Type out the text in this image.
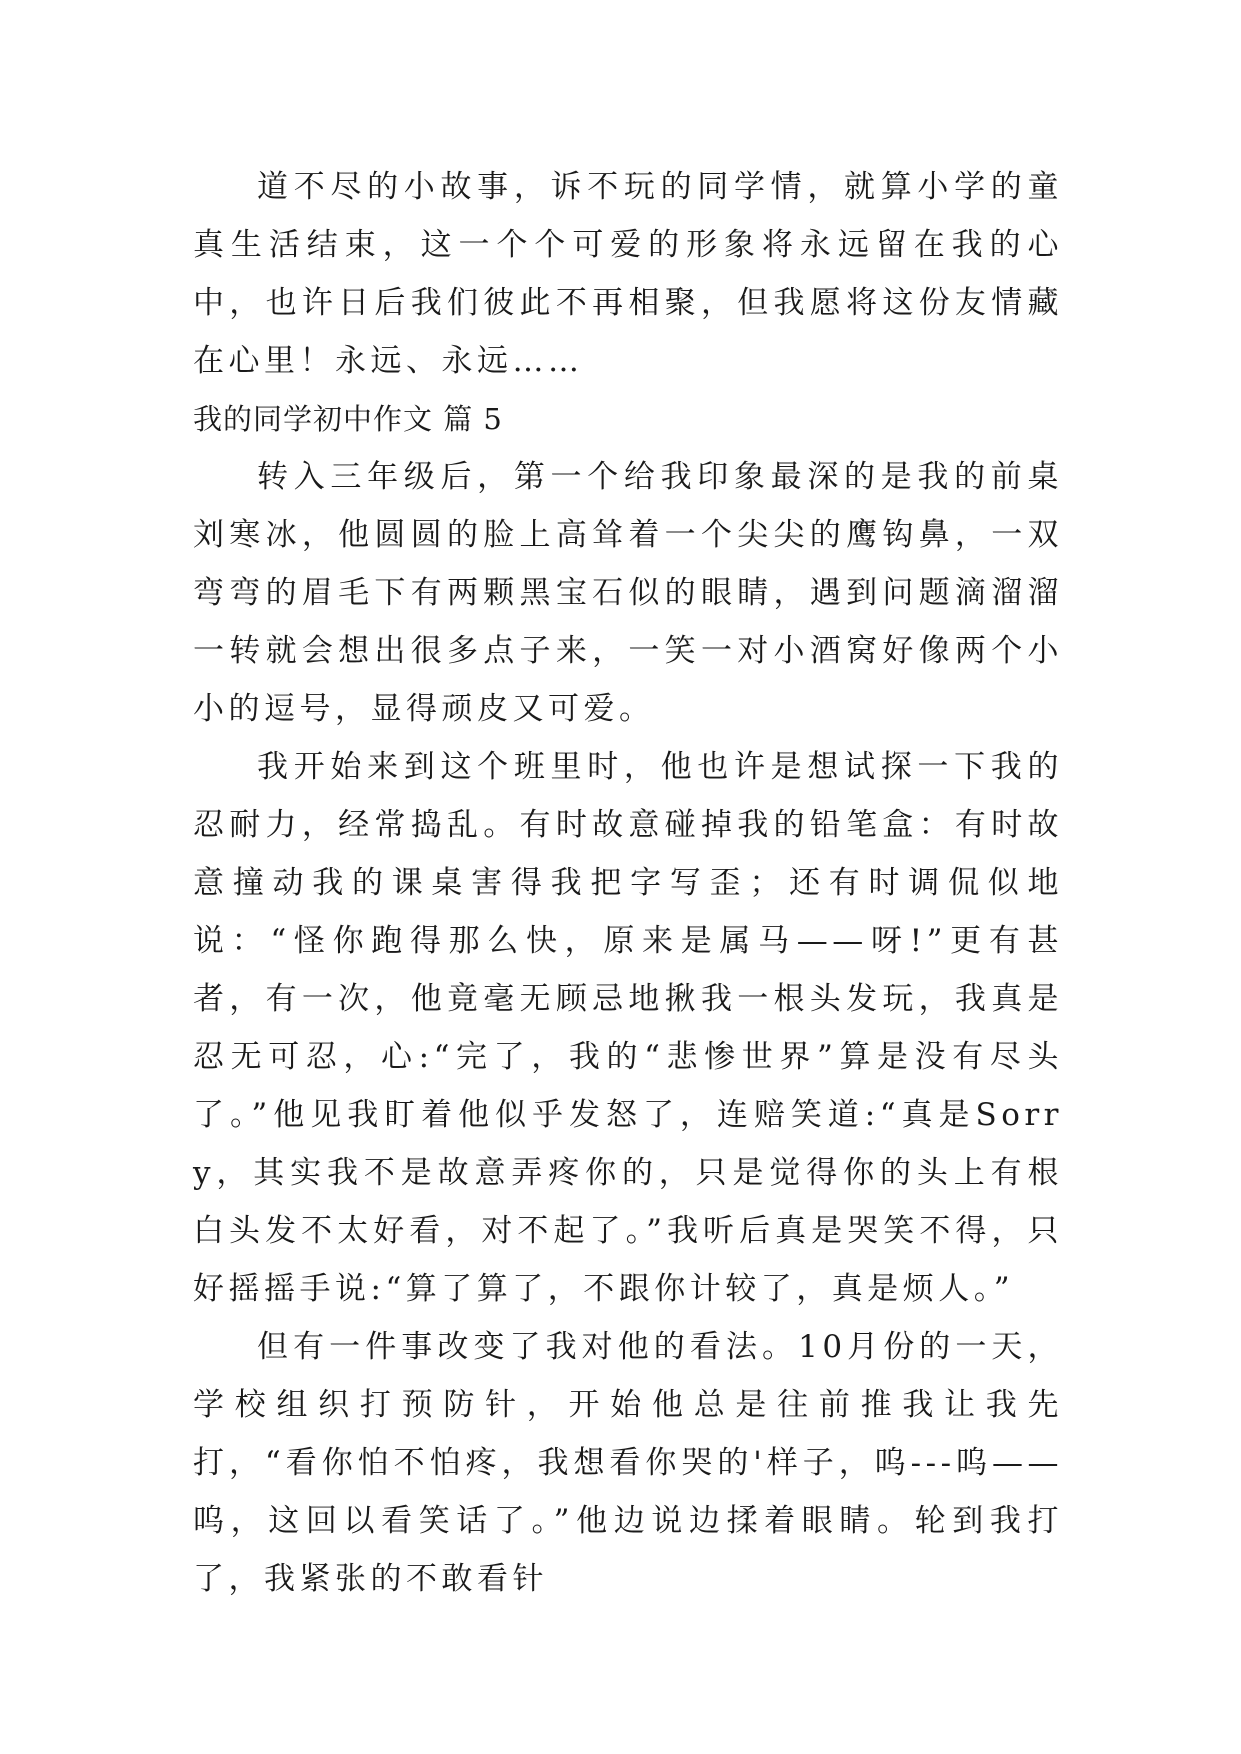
道不尽的小故事，诉不玩的同学情，就算小学的童真生活结束，这一个个可爱的形象将永远留在我的心中，也许日后我们彼此不再相聚，但我愿将这份友情藏在心里！永远、永远……

我的同学初中作文 篇 5

转入三年级后，第一个给我印象最深的是我的前桌刘寒冰，他圆圆的脸上高耸着一个尖尖的鹰钩鼻，一双弯弯的眉毛下有两颗黑宝石似的眼睛，遇到问题滴溜溜一转就会想出很多点子来，一笑一对小酒窝好像两个小小的逗号，显得顽皮又可爱。

我开始来到这个班里时，他也许是想试探一下我的忍耐力，经常捣乱。有时故意碰掉我的铅笔盒：有时故意撞动我的课桌害得我把字写歪；还有时调侃似地说：“怪你跑得那么快，原来是属马——呀!”更有甚者，有一次，他竟毫无顾忌地揪我一根头发玩，我真是忍无可忍，心:“完了，我的“悲惨世界”算是没有尽头了。”他见我盯着他似乎发怒了，连赔笑道:“真是Sorry，其实我不是故意弄疼你的，只是觉得你的头上有根白头发不太好看，对不起了。”我听后真是哭笑不得，只好摇摇手说:“算了算了，不跟你计较了，真是烦人。”

但有一件事改变了我对他的看法。10月份的一天，学校组织打预防针，开始他总是往前推我让我先打，“看你怕不怕疼，我想看你哭的'样子，呜---呜——呜，这回以看笑话了。”他边说边揉着眼睛。轮到我打了，我紧张的不敢看针
